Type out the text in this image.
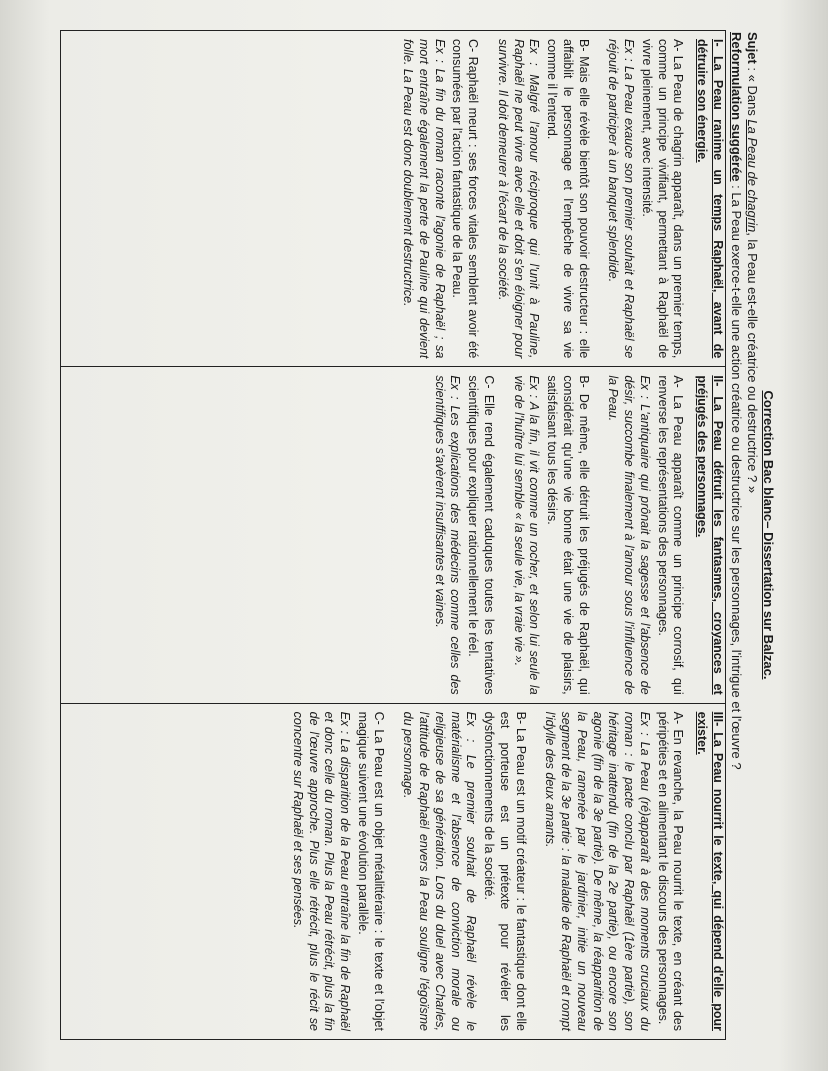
Correction Bac blanc– Dissertation sur Balzac.
Sujet : « Dans La Peau de chagrin, la Peau est-elle créatrice ou destructrice ? »
Reformulation suggérée : La Peau exerce-t-elle une action créatrice ou destructrice sur les personnages, l'intrigue et l'œuvre ?

I- La Peau ranime un temps Raphaël, avant de détruire son énergie.

A- La Peau de chagrin apparaît, dans un premier temps, comme un principe vivifiant, permettant à Raphaël de vivre pleinement, avec intensité.

Ex : La Peau exauce son premier souhait et Raphaël se réjouit de participer à un banquet splendide.

B- Mais elle révèle bientôt son pouvoir destructeur : elle affaiblit le personnage et l'empêche de vivre sa vie comme il l'entend.

Ex : Malgré l'amour réciproque qui l'unit à Pauline, Raphaël ne peut vivre avec elle et doit s'en éloigner pour survivre. Il doit demeurer à l'écart de la société.

C- Raphaël meurt : ses forces vitales semblent avoir été consumées par l'action fantastique de la Peau.

Ex : La fin du roman raconte l'agonie de Raphaël ; sa mort entraîne également la perte de Pauline qui devient folle. La Peau est donc doublement destructrice.

II- La Peau détruit les fantasmes, croyances et préjugés des personnages.

A- La Peau apparaît comme un principe corrosif, qui renverse les représentations des personnages.

Ex : L'antiquaire qui prônait la sagesse et l'absence de désir, succombe finalement à l'amour sous l'influence de la Peau.

B- De même, elle détruit les préjugés de Raphaël, qui considérait qu'une vie bonne était une vie de plaisirs, satisfaisant tous les désirs.

Ex : A la fin, il vit comme un rocher, et selon lui seule la vie de l'huître lui semble « la seule vie, la vraie vie ».

C- Elle rend également caduques toutes les tentatives scientifiques pour expliquer rationnellement le réel.

Ex : Les explications des médecins comme celles des scientifiques s'avèrent insuffisantes et vaines.

III- La Peau nourrit le texte, qui dépend d'elle pour exister.

A- En revanche, la Peau nourrit le texte, en créant des péripéties et en alimentant le discours des personnages.

Ex : La Peau (ré)apparaît à des moments cruciaux du roman : le pacte conclu par Raphaël (1ère partie), son héritage inattendu (fin de la 2e partie), ou encore son agonie (fin de la 3e partie). De même, la réapparition de la Peau, ramenée par le jardinier, initie un nouveau segment de la 3e partie : la maladie de Raphaël et rompt l'idylle des deux amants.

B- La Peau est un motif créateur : le fantastique dont elle est porteuse est un prétexte pour révéler les dysfonctionnements de la société.

Ex : Le premier souhait de Raphaël révèle le matérialisme et l'absence de conviction morale ou religieuse de sa génération. Lors du duel avec Charles, l'attitude de Raphaël envers la Peau souligne l'égoïsme du personnage.

C- La Peau est un objet métalittéraire : le texte et l'objet magique suivent une évolution parallèle.

Ex : La disparition de la Peau entraîne la fin de Raphaël et donc celle du roman. Plus la Peau rétrécit, plus la fin de l'œuvre approche. Plus elle rétrécit, plus le récit se concentre sur Raphaël et ses pensées.
